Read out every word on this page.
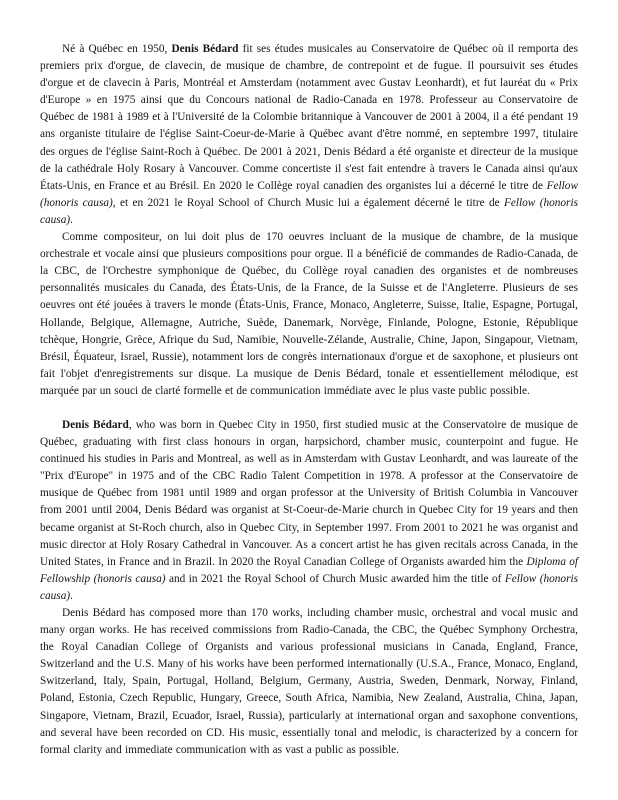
Né à Québec en 1950, Denis Bédard fit ses études musicales au Conservatoire de Québec où il remporta des premiers prix d'orgue, de clavecin, de musique de chambre, de contrepoint et de fugue. Il poursuivit ses études d'orgue et de clavecin à Paris, Montréal et Amsterdam (notamment avec Gustav Leonhardt), et fut lauréat du « Prix d'Europe » en 1975 ainsi que du Concours national de Radio-Canada en 1978. Professeur au Conservatoire de Québec de 1981 à 1989 et à l'Université de la Colombie britannique à Vancouver de 2001 à 2004, il a été pendant 19 ans organiste titulaire de l'église Saint-Coeur-de-Marie à Québec avant d'être nommé, en septembre 1997, titulaire des orgues de l'église Saint-Roch à Québec. De 2001 à 2021, Denis Bédard a été organiste et directeur de la musique de la cathédrale Holy Rosary à Vancouver. Comme concertiste il s'est fait entendre à travers le Canada ainsi qu'aux États-Unis, en France et au Brésil. En 2020 le Collège royal canadien des organistes lui a décerné le titre de Fellow (honoris causa), et en 2021 le Royal School of Church Music lui a également décerné le titre de Fellow (honoris causa).

Comme compositeur, on lui doit plus de 170 oeuvres incluant de la musique de chambre, de la musique orchestrale et vocale ainsi que plusieurs compositions pour orgue. Il a bénéficié de commandes de Radio-Canada, de la CBC, de l'Orchestre symphonique de Québec, du Collège royal canadien des organistes et de nombreuses personnalités musicales du Canada, des États-Unis, de la France, de la Suisse et de l'Angleterre. Plusieurs de ses oeuvres ont été jouées à travers le monde (États-Unis, France, Monaco, Angleterre, Suisse, Italie, Espagne, Portugal, Hollande, Belgique, Allemagne, Autriche, Suède, Danemark, Norvège, Finlande, Pologne, Estonie, République tchèque, Hongrie, Grèce, Afrique du Sud, Namibie, Nouvelle-Zélande, Australie, Chine, Japon, Singapour, Vietnam, Brésil, Équateur, Israel, Russie), notamment lors de congrès internationaux d'orgue et de saxophone, et plusieurs ont fait l'objet d'enregistrements sur disque. La musique de Denis Bédard, tonale et essentiellement mélodique, est marquée par un souci de clarté formelle et de communication immédiate avec le plus vaste public possible.

Denis Bédard, who was born in Quebec City in 1950, first studied music at the Conservatoire de musique de Québec, graduating with first class honours in organ, harpsichord, chamber music, counterpoint and fugue. He continued his studies in Paris and Montreal, as well as in Amsterdam with Gustav Leonhardt, and was laureate of the "Prix d'Europe" in 1975 and of the CBC Radio Talent Competition in 1978. A professor at the Conservatoire de musique de Québec from 1981 until 1989 and organ professor at the University of British Columbia in Vancouver from 2001 until 2004, Denis Bédard was organist at St-Coeur-de-Marie church in Quebec City for 19 years and then became organist at St-Roch church, also in Quebec City, in September 1997. From 2001 to 2021 he was organist and music director at Holy Rosary Cathedral in Vancouver. As a concert artist he has given recitals across Canada, in the United States, in France and in Brazil. In 2020 the Royal Canadian College of Organists awarded him the Diploma of Fellowship (honoris causa) and in 2021 the Royal School of Church Music awarded him the title of Fellow (honoris causa).

Denis Bédard has composed more than 170 works, including chamber music, orchestral and vocal music and many organ works. He has received commissions from Radio-Canada, the CBC, the Québec Symphony Orchestra, the Royal Canadian College of Organists and various professional musicians in Canada, England, France, Switzerland and the U.S. Many of his works have been performed internationally (U.S.A., France, Monaco, England, Switzerland, Italy, Spain, Portugal, Holland, Belgium, Germany, Austria, Sweden, Denmark, Norway, Finland, Poland, Estonia, Czech Republic, Hungary, Greece, South Africa, Namibia, New Zealand, Australia, China, Japan, Singapore, Vietnam, Brazil, Ecuador, Israel, Russia), particularly at international organ and saxophone conventions, and several have been recorded on CD. His music, essentially tonal and melodic, is characterized by a concern for formal clarity and immediate communication with as vast a public as possible.
